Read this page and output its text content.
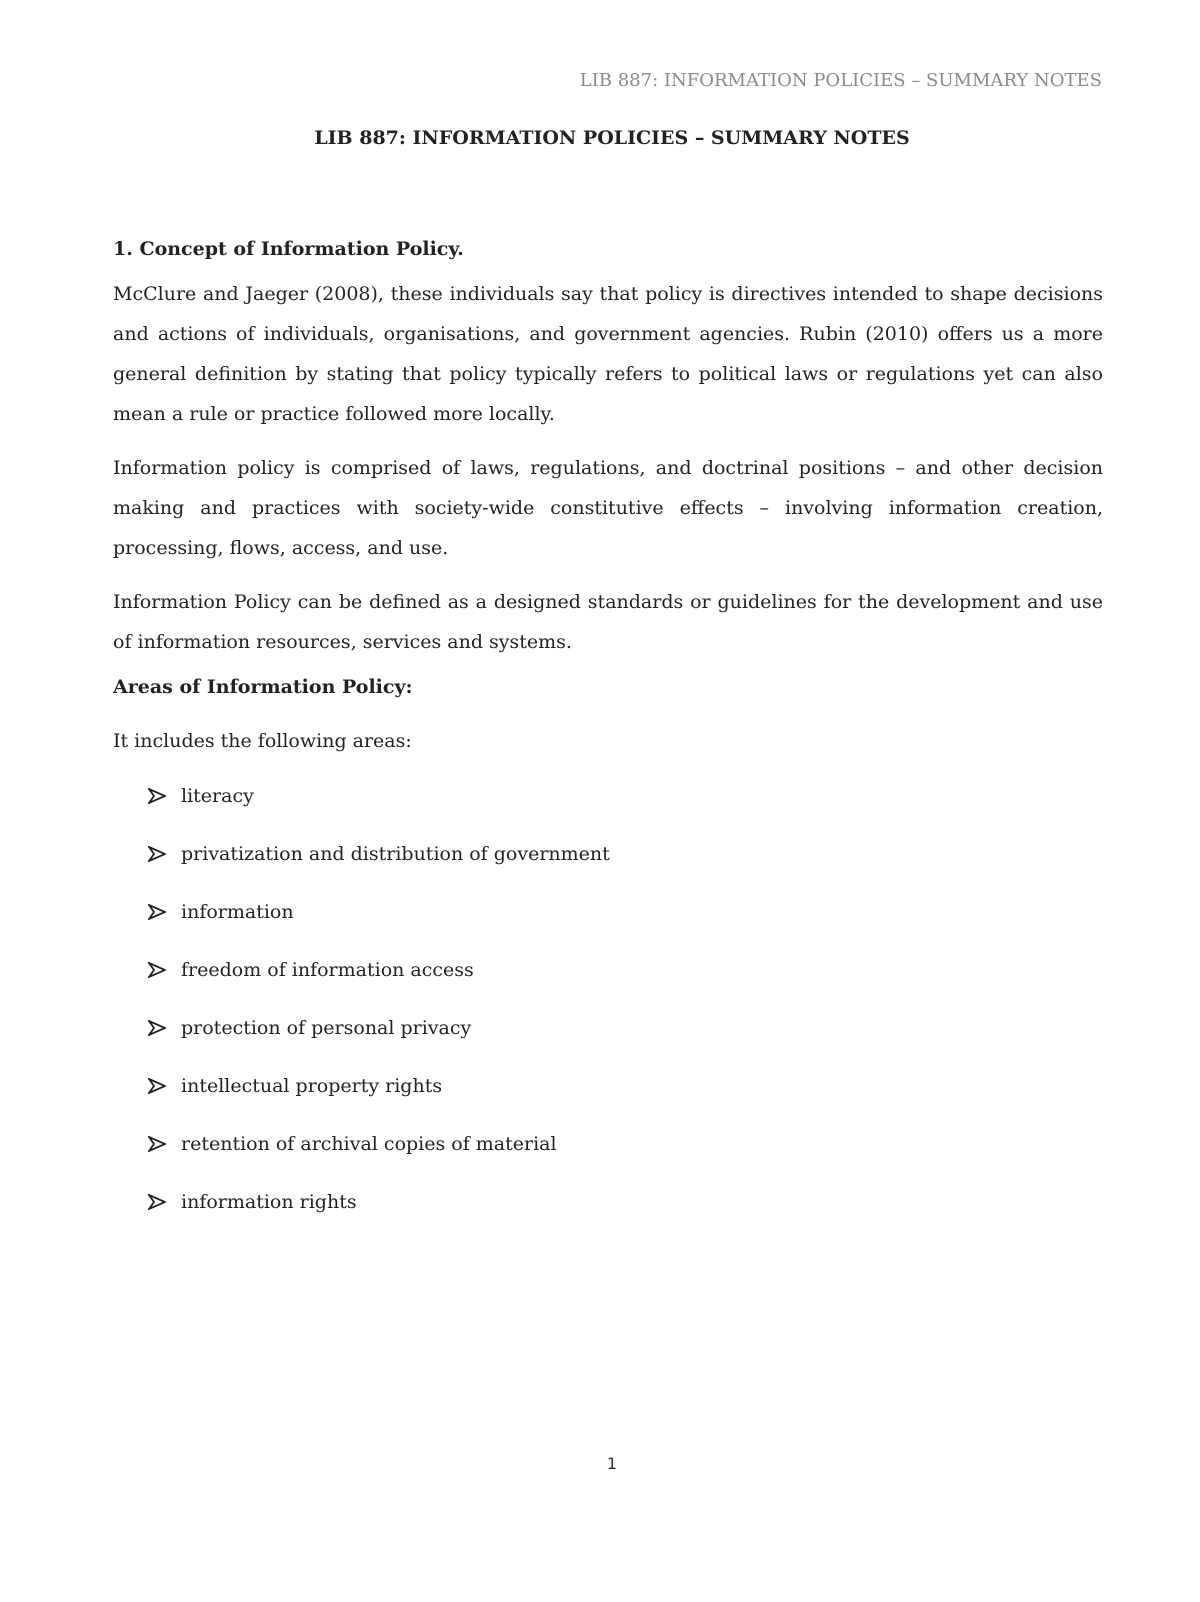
LIB 887: INFORMATION POLICIES – SUMMARY NOTES
LIB 887: INFORMATION POLICIES – SUMMARY NOTES

1. Concept of Information Policy.

McClure and Jaeger (2008), these individuals say that policy is directives intended to shape decisions and actions of individuals, organisations, and government agencies. Rubin (2010) offers us a more general definition by stating that policy typically refers to political laws or regulations yet can also mean a rule or practice followed more locally.

Information policy is comprised of laws, regulations, and doctrinal positions – and other decision making and practices with society-wide constitutive effects – involving information creation, processing, flows, access, and use.

Information Policy can be defined as a designed standards or guidelines for the development and use of information resources, services and systems.

Areas of Information Policy:

It includes the following areas:

literacy
privatization and distribution of government
information
freedom of information access
protection of personal privacy
intellectual property rights
retention of archival copies of material
information rights
1
